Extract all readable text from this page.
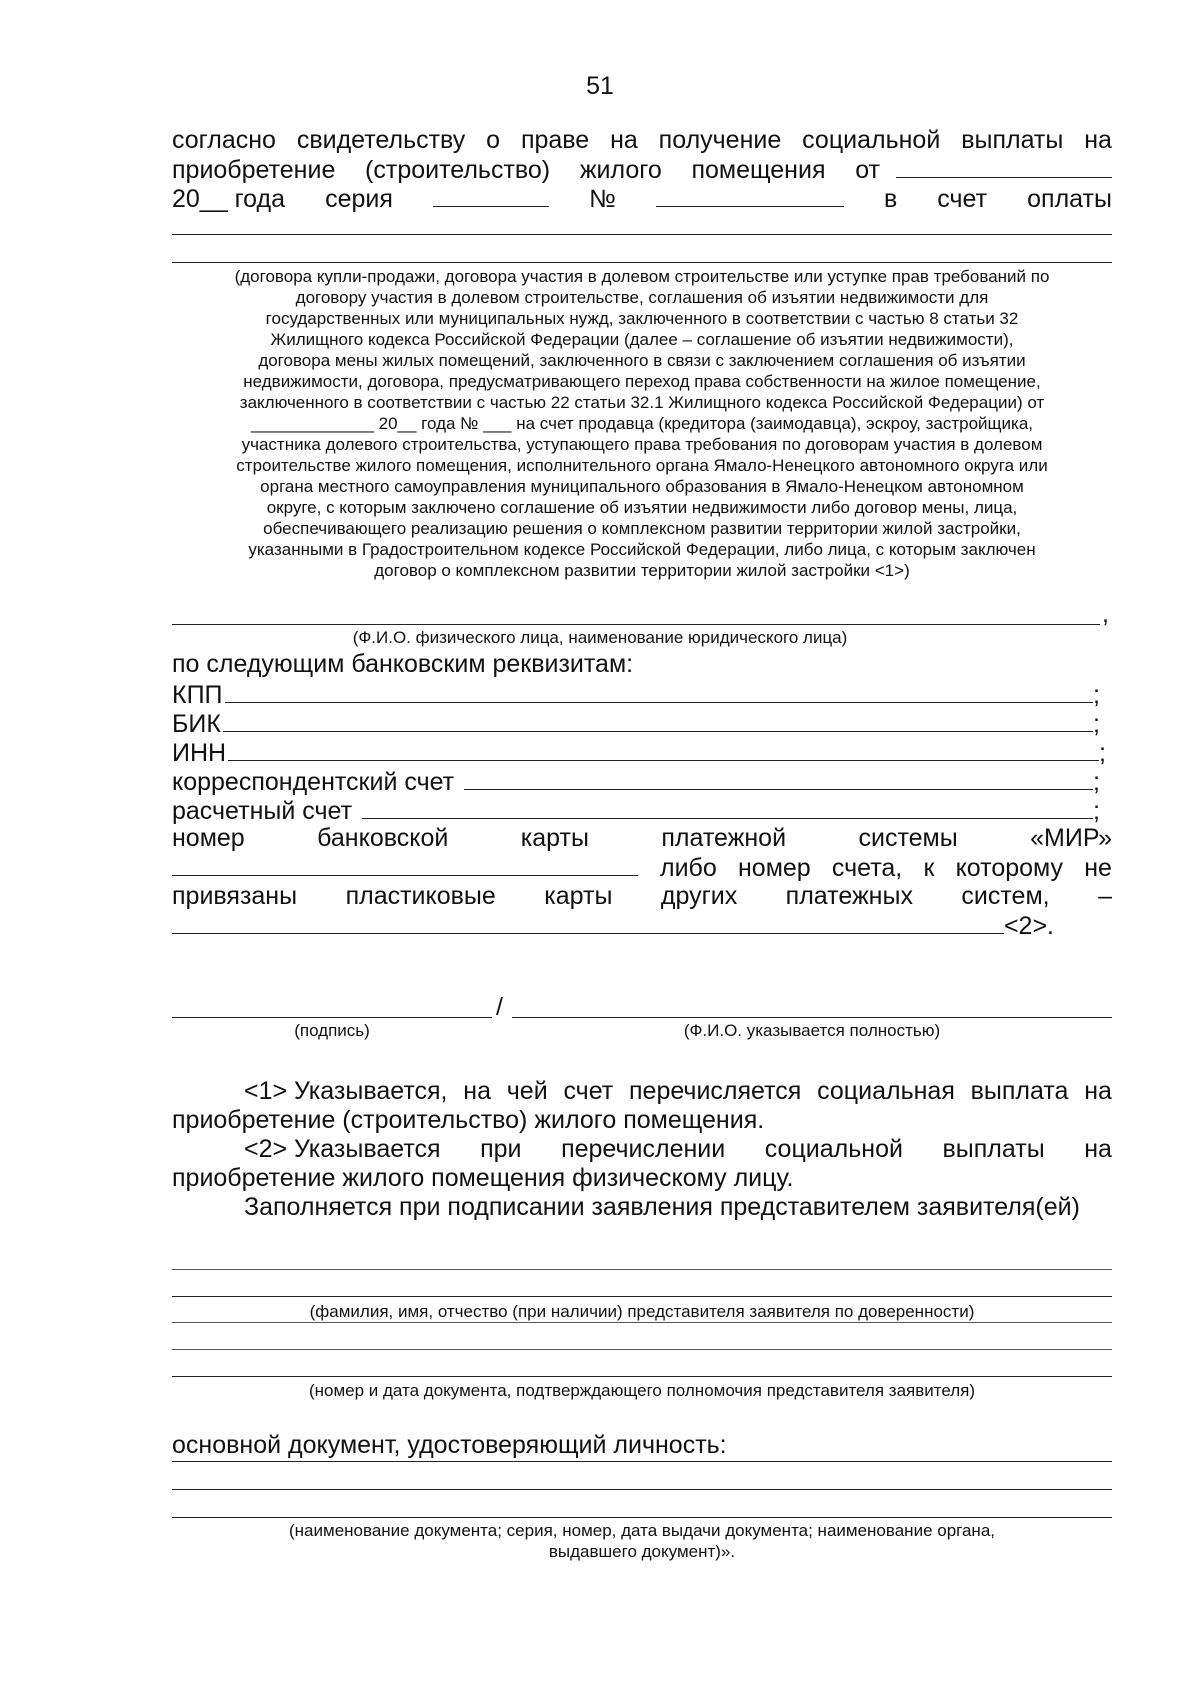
51
согласно свидетельству о праве на получение социальной выплаты на
приобретение (строительство) жилого помещения от
20__ года серия	№	в счет оплаты
(договора купли-продажи, договора участия в долевом строительстве или уступке прав требований по
договору участия в долевом строительстве, соглашения об изъятии недвижимости для
государственных или муниципальных нужд, заключенного в соответствии с частью 8 статьи 32
Жилищного кодекса Российской Федерации (далее – соглашение об изъятии недвижимости),
договора мены жилых помещений, заключенного в связи с заключением соглашения об изъятии
недвижимости, договора, предусматривающего переход права собственности на жилое помещение,
заключенного в соответствии с частью 22 статьи 32.1 Жилищного кодекса Российской Федерации) от
_____________ 20__ года № ___ на счет продавца (кредитора (заимодавца), эскроу, застройщика,
участника долевого строительства, уступающего права требования по договорам участия в долевом
строительстве жилого помещения, исполнительного органа Ямало-Ненецкого автономного округа или
органа местного самоуправления муниципального образования в Ямало-Ненецком автономном
округе, с которым заключено соглашение об изъятии недвижимости либо договор мены, лица,
обеспечивающего реализацию решения о комплексном развитии территории жилой застройки,
указанными в Градостроительном кодексе Российской Федерации, либо лица, с которым заключен
договор о комплексном развитии территории жилой застройки <1>)
,
(Ф.И.О. физического лица, наименование юридического лица)
по следующим банковским реквизитам:
КПП	;
БИК	;
ИНН	;
корреспондентский счет	;
расчетный счет	;
номер	банковской	карты	платежной	системы	«МИР»
либо номер счета, к которому не
привязаны пластиковые карты других платежных систем, –
<2>.
/
(подпись)	(Ф.И.О. указывается полностью)
<1> Указывается, на чей счет перечисляется социальная выплата на
приобретение (строительство) жилого помещения.
<2> Указывается при перечислении социальной выплаты на
приобретение жилого помещения физическому лицу.
Заполняется при подписании заявления представителем заявителя(ей)
(фамилия, имя, отчество (при наличии) представителя заявителя по доверенности)
(номер и дата документа, подтверждающего полномочия представителя заявителя)
основной документ, удостоверяющий личность:
(наименование документа; серия, номер, дата выдачи документа; наименование органа,
выдавшего документ)».
